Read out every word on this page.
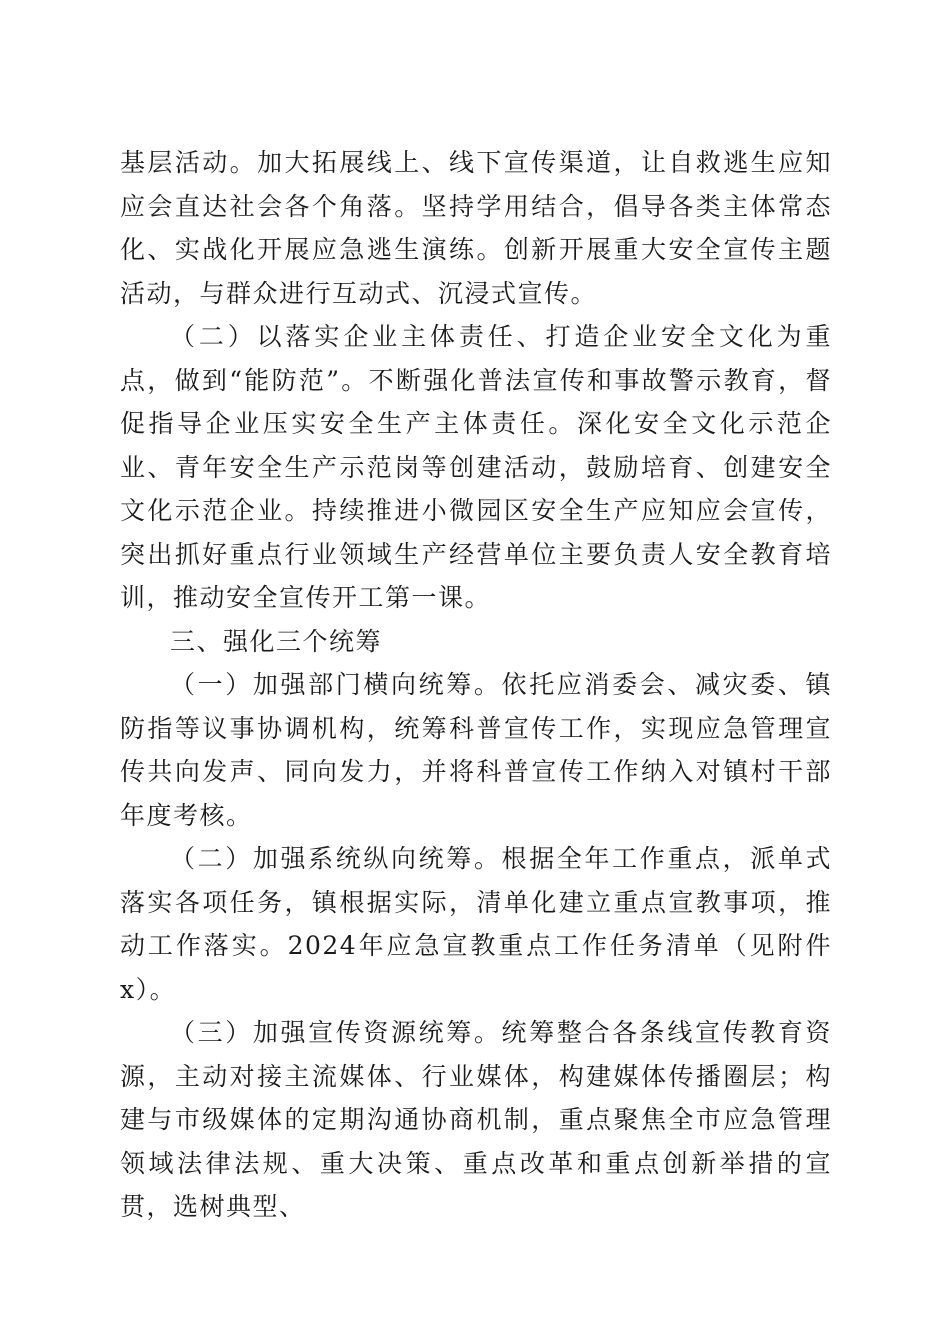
基层活动。加大拓展线上、线下宣传渠道，让自救逃生应知应会直达社会各个角落。坚持学用结合，倡导各类主体常态化、实战化开展应急逃生演练。创新开展重大安全宣传主题活动，与群众进行互动式、沉浸式宣传。

（二）以落实企业主体责任、打造企业安全文化为重点，做到“能防范”。不断强化普法宣传和事故警示教育，督促指导企业压实安全生产主体责任。深化安全文化示范企业、青年安全生产示范岗等创建活动，鼓励培育、创建安全文化示范企业。持续推进小微园区安全生产应知应会宣传，突出抓好重点行业领域生产经营单位主要负责人安全教育培训，推动安全宣传开工第一课。

三、强化三个统筹

（一）加强部门横向统筹。依托应消委会、减灾委、镇防指等议事协调机构，统筹科普宣传工作，实现应急管理宣传共向发声、同向发力，并将科普宣传工作纳入对镇村干部年度考核。

（二）加强系统纵向统筹。根据全年工作重点，派单式落实各项任务，镇根据实际，清单化建立重点宣教事项，推动工作落实。2024年应急宣教重点工作任务清单（见附件x）。

（三）加强宣传资源统筹。统筹整合各条线宣传教育资源，主动对接主流媒体、行业媒体，构建媒体传播圈层；构建与市级媒体的定期沟通协商机制，重点聚焦全市应急管理领域法律法规、重大决策、重点改革和重点创新举措的宣贯，选树典型、
